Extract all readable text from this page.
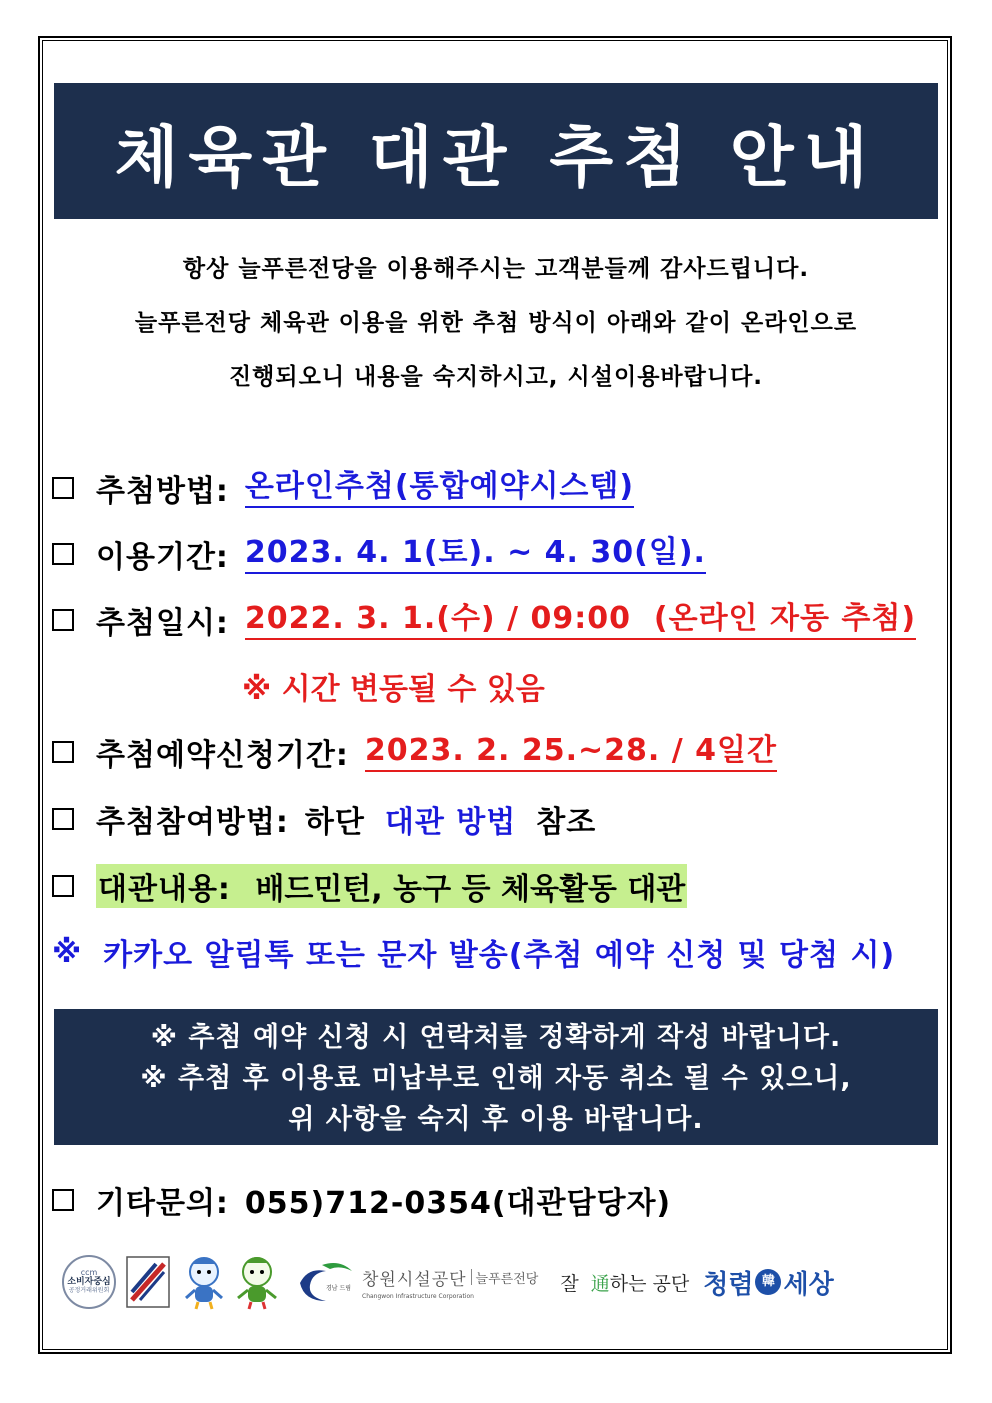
체육관 대관 추첨 안내

항상 늘푸른전당을 이용해주시는 고객분들께 감사드립니다.

늘푸른전당 체육관 이용을 위한 추첨 방식이 아래와 같이 온라인으로

진행되오니 내용을 숙지하시고, 시설이용바랍니다.

추첨방법: 온라인추첨(통합예약시스템)
이용기간: 2023. 4. 1(토). ~ 4. 30(일).
추첨일시: 2022. 3. 1.(수) / 09:00  (온라인 자동 추첨)
※ 시간 변동될 수 있음
추첨예약신청기간: 2023. 2. 25.~28. / 4일간
추첨참여방법: 하단 대관 방법 참조
대관내용: 배드민턴, 농구 등 체육활동 대관
※ 카카오 알림톡 또는 문자 발송(추첨 예약 신청 및 당첨 시)

※ 추첨 예약 신청 시 연락처를 정확하게 작성 바랍니다.

※ 추첨 후 이용료 미납부로 인해 자동 취소 될 수 있으니,

위 사항을 숙지 후 이용 바랍니다.

기타문의: 055)712-0354(대관담당자)
ccm
소비자중심
공정거래위원회	경남 드림 창원시설공단 늘푸른전당
Changwon Infrastructure Corporation
잘 通하는 공단 청렴 韓 세상
